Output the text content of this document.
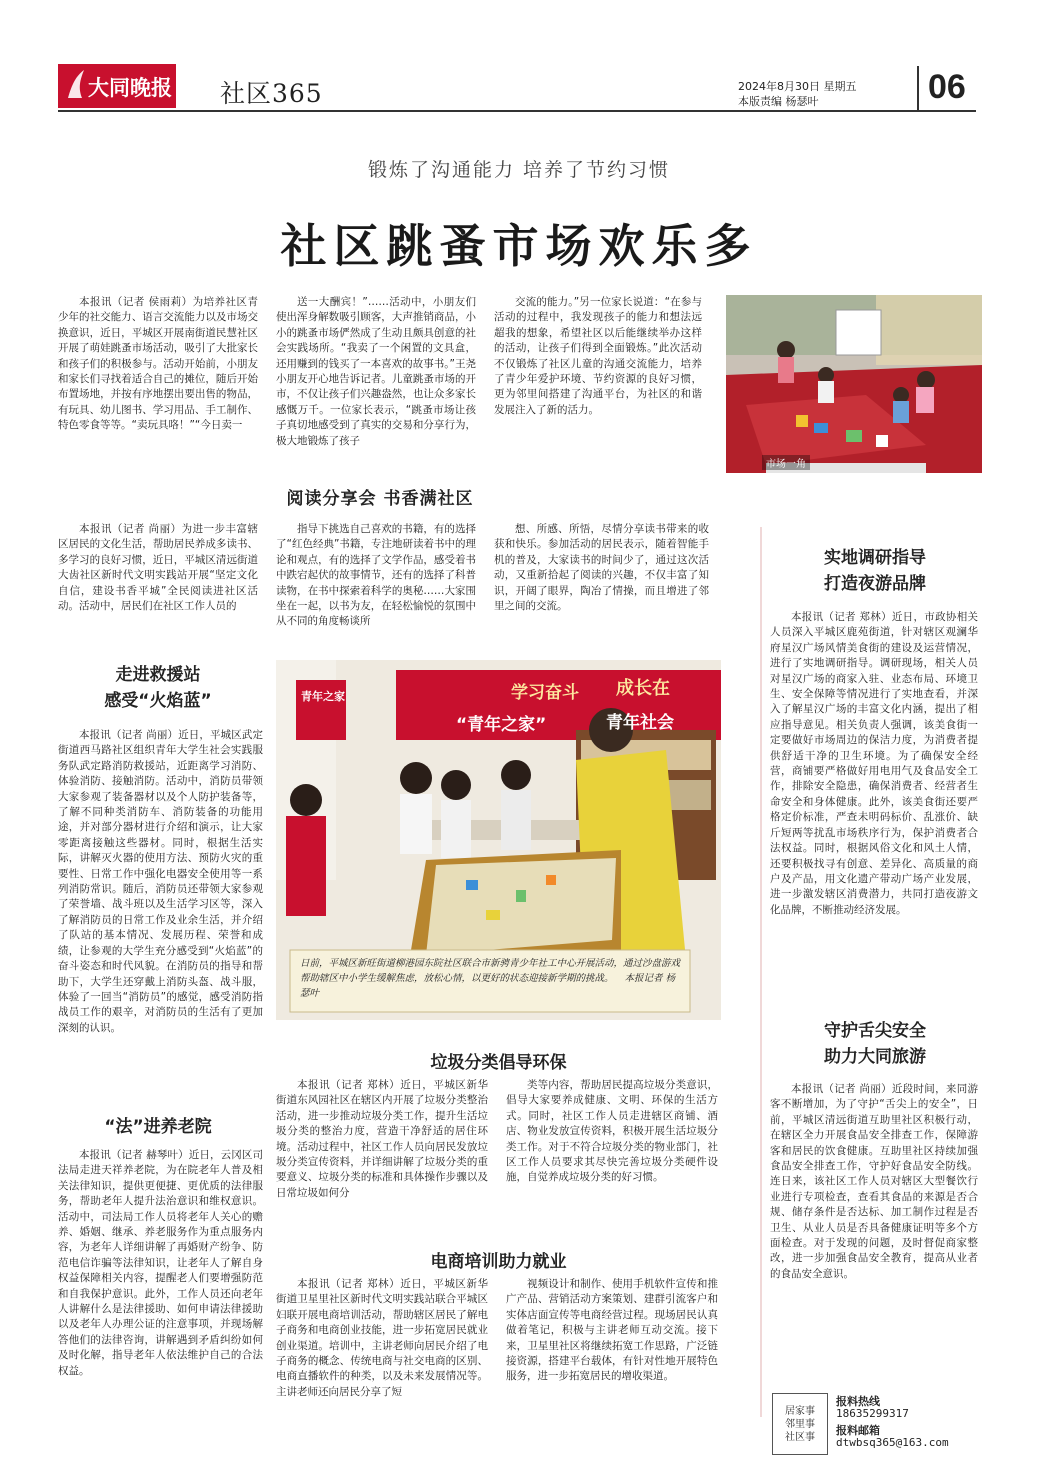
大同晚报 社区365	2024年8月30日 星期五
本版责编 杨瑟叶	06
锻炼了沟通能力 培养了节约习惯
社区跳蚤市场欢乐多

本报讯（记者 侯雨莉）为培养社区青少年的社交能力、语言交流能力以及市场交换意识，近日，平城区开展南街道民慧社区开展了萌娃跳蚤市场活动，吸引了大批家长和孩子们的积极参与。活动开始前，小朋友和家长们寻找着适合自己的摊位，随后开始布置场地，并按有序地摆出要出售的物品，有玩具、幼儿图书、学习用品、手工制作、特色零食等等。“卖玩具咯！”“今日卖一

送一大酬宾！”……活动中，小朋友们使出浑身解数吸引顾客，大声推销商品，小小的跳蚤市场俨然成了生动且颇具创意的社会实践场所。“我卖了一个闲置的文具盒，还用赚到的钱买了一本喜欢的故事书。”王尧小朋友开心地告诉记者。儿童跳蚤市场的开市，不仅让孩子们兴趣盎然，也让众多家长感慨万千。一位家长表示，“跳蚤市场让孩子真切地感受到了真实的交易和分享行为，极大地锻炼了孩子

交流的能力。”另一位家长说道：“在参与活动的过程中，我发现孩子的能力和想法远超我的想象，希望社区以后能继续举办这样的活动，让孩子们得到全面锻炼。”此次活动不仅锻炼了社区儿童的沟通交流能力，培养了青少年爱护环境、节约资源的良好习惯，更为邻里间搭建了沟通平台，为社区的和谐发展注入了新的活力。

市场一角
阅读分享会 书香满社区

本报讯（记者 尚丽）为进一步丰富辖区居民的文化生活，帮助居民养成多读书、多学习的良好习惯，近日，平城区清远街道大齿社区新时代文明实践站开展“坚定文化自信，建设书香平城”全民阅读进社区活动。活动中，居民们在社区工作人员的

指导下挑选自己喜欢的书籍，有的选择了“红色经典”书籍，专注地研读着书中的理论和观点，有的选择了文学作品，感受着书中跌宕起伏的故事情节，还有的选择了科普读物，在书中探索着科学的奥秘……大家围坐在一起，以书为友，在轻松愉悦的氛围中从不同的角度畅谈所

想、所感、所悟，尽情分享读书带来的收获和快乐。参加活动的居民表示，随着智能手机的普及，大家读书的时间少了，通过这次活动，又重新拾起了阅读的兴趣，不仅丰富了知识，开阔了眼界，陶冶了情操，而且增进了邻里之间的交流。

走进救援站
感受“火焰蓝”

本报讯（记者 尚丽）近日，平城区武定街道西马路社区组织青年大学生社会实践服务队武定路消防救援站，近距离学习消防、体验消防、接触消防。活动中，消防员带领大家参观了装备器材以及个人防护装备等，了解不同种类消防车、消防装备的功能用途，并对部分器材进行介绍和演示，让大家零距离接触这些器材。同时，根据生活实际，讲解灭火器的使用方法、预防火灾的重要性、日常工作中强化电器安全使用等一系列消防常识。随后，消防员还带领大家参观了荣誉墙、战斗班以及生活学习区等，深入了解消防员的日常工作及业余生活，并介绍了队站的基本情况、发展历程、荣誉和成绩，让参观的大学生充分感受到“火焰蓝”的奋斗姿态和时代风貌。在消防员的指导和帮助下，大学生还穿戴上消防头盔、战斗服，体验了一回当“消防员”的感觉，感受消防指战员工作的艰辛，对消防员的生活有了更加深刻的认识。

学习奋斗 成长在
“青年之家”	青年社会
青年之家
日前，平城区新旺街道柳港园东院社区联合市新骋青少年社工中心开展活动，通过沙盘游戏帮助辖区中小学生缓解焦虑，放松心情，以更好的状态迎接新学期的挑战。 本报记者 杨瑟叶
“法”进养老院

本报讯（记者 赫琴叶）近日，云冈区司法局走进天祥养老院，为在院老年人普及相关法律知识，提供更便捷、更优质的法律服务，帮助老年人提升法治意识和维权意识。活动中，司法局工作人员将老年人关心的赡养、婚姻、继承、养老服务作为重点服务内容，为老年人详细讲解了再婚财产纷争、防范电信诈骗等法律知识，让老年人了解自身权益保障相关内容，提醒老人们要增强防范和自我保护意识。此外，工作人员还向老年人讲解什么是法律援助、如何申请法律援助以及老年人办理公证的注意事项，并现场解答他们的法律咨询，讲解遇到矛盾纠纷如何及时化解，指导老年人依法维护自己的合法权益。

垃圾分类倡导环保

本报讯（记者 郑林）近日，平城区新华街道东风园社区在辖区内开展了垃圾分类整治活动，进一步推动垃圾分类工作，提升生活垃圾分类的整治力度，营造干净舒适的居住环境。活动过程中，社区工作人员向居民发放垃圾分类宣传资料，并详细讲解了垃圾分类的重要意义、垃圾分类的标准和具体操作步骤以及日常垃圾如何分

类等内容，帮助居民提高垃圾分类意识，倡导大家要养成健康、文明、环保的生活方式。同时，社区工作人员走进辖区商铺、酒店、物业发放宣传资料，积极开展生活垃圾分类工作。对于不符合垃圾分类的物业部门，社区工作人员要求其尽快完善垃圾分类硬件设施，自觉养成垃圾分类的好习惯。

电商培训助力就业

本报讯（记者 郑林）近日，平城区新华街道卫星里社区新时代文明实践站联合平城区妇联开展电商培训活动，帮助辖区居民了解电子商务和电商创业技能，进一步拓宽居民就业创业渠道。培训中，主讲老师向居民介绍了电子商务的概念、传统电商与社交电商的区别、电商直播软件的种类，以及未来发展情况等。主讲老师还向居民分享了短

视频设计和制作、使用手机软件宣传和推广产品、营销活动方案策划、建群引流客户和实体店面宣传等电商经营过程。现场居民认真做着笔记，积极与主讲老师互动交流。接下来，卫星里社区将继续拓宽工作思路，广泛链接资源，搭建平台载体，有针对性地开展特色服务，进一步拓宽居民的增收渠道。

实地调研指导
打造夜游品牌

本报讯（记者 郑林）近日，市政协相关人员深入平城区鹿苑街道，针对辖区观澜华府星汉广场风情美食街的建设及运营情况，进行了实地调研指导。调研现场，相关人员对星汉广场的商家入驻、业态布局、环境卫生、安全保障等情况进行了实地查看，并深入了解星汉广场的丰富文化内涵，提出了相应指导意见。相关负责人强调，该美食街一定要做好市场周边的保洁力度，为消费者提供舒适干净的卫生环境。为了确保安全经营，商铺要严格做好用电用气及食品安全工作，排除安全隐患，确保消费者、经营者生命安全和身体健康。此外，该美食街还要严格定价标准，严查未明码标价、乱涨价、缺斤短两等扰乱市场秩序行为，保护消费者合法权益。同时，根据风俗文化和风土人情，还要积极找寻有创意、差异化、高质量的商户及产品，用文化遗产带动广场产业发展，进一步激发辖区消费潜力，共同打造夜游文化品牌，不断推动经济发展。

守护舌尖安全
助力大同旅游

本报讯（记者 尚丽）近段时间，来同游客不断增加，为了守护“舌尖上的安全”，日前，平城区清远街道互助里社区积极行动，在辖区全力开展食品安全排查工作，保障游客和居民的饮食健康。互助里社区持续加强食品安全排查工作，守护好食品安全防线。连日来，该社区工作人员对辖区大型餐饮行业进行专项检查，查看其食品的来源是否合规、储存条件是否达标、加工制作过程是否卫生、从业人员是否具备健康证明等多个方面检查。对于发现的问题，及时督促商家整改，进一步加强食品安全教育，提高从业者的食品安全意识。

居家事
邻里事
社区事
报料热线
18635299317
报料邮箱
dtwbsq365@163.com
